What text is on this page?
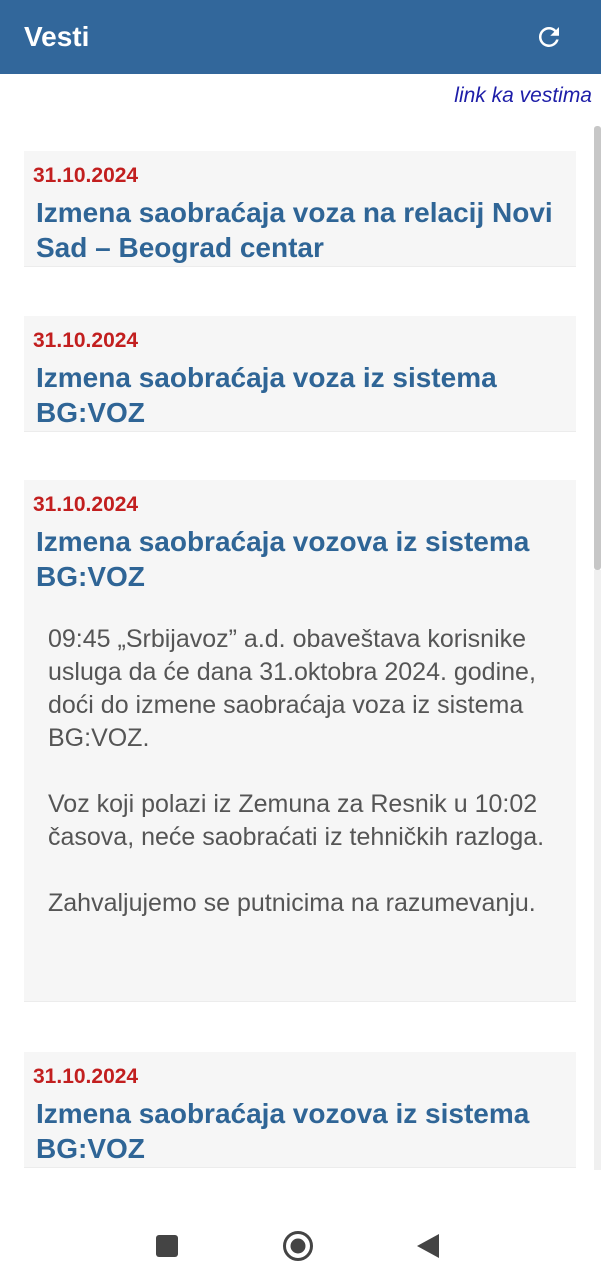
Vesti
link ka vestima
31.10.2024
Izmena saobraćaja voza na relacij Novi Sad – Beograd centar
31.10.2024
Izmena saobraćaja voza iz sistema BG:VOZ
31.10.2024
Izmena saobraćaja vozova iz sistema BG:VOZ

09:45 „Srbijavoz” a.d. obaveštava korisnike usluga da će dana 31.oktobra 2024. godine, doći do izmene saobraćaja voza iz sistema BG:VOZ.

Voz koji polazi iz Zemuna za Resnik u 10:02 časova, neće saobraćati iz tehničkih razloga.

Zahvaljujemo se putnicima na razumevanju.

31.10.2024
Izmena saobraćaja vozova iz sistema BG:VOZ
